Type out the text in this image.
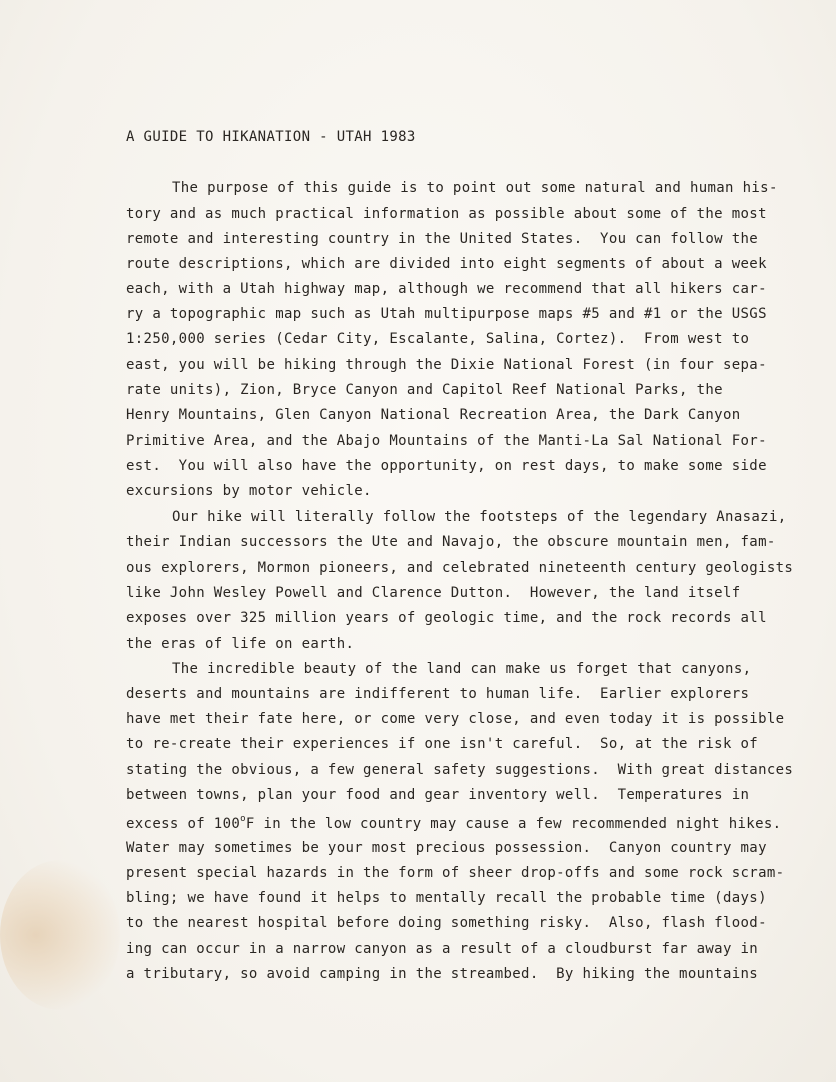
A GUIDE TO HIKANATION - UTAH 1983
The purpose of this guide is to point out some natural and human his-
tory and as much practical information as possible about some of the most
remote and interesting country in the United States.  You can follow the
route descriptions, which are divided into eight segments of about a week
each, with a Utah highway map, although we recommend that all hikers car-
ry a topographic map such as Utah multipurpose maps #5 and #1 or the USGS
1:250,000 series (Cedar City, Escalante, Salina, Cortez).  From west to
east, you will be hiking through the Dixie National Forest (in four sepa-
rate units), Zion, Bryce Canyon and Capitol Reef National Parks, the
Henry Mountains, Glen Canyon National Recreation Area, the Dark Canyon
Primitive Area, and the Abajo Mountains of the Manti-La Sal National For-
est.  You will also have the opportunity, on rest days, to make some side
excursions by motor vehicle.
Our hike will literally follow the footsteps of the legendary Anasazi,
their Indian successors the Ute and Navajo, the obscure mountain men, fam-
ous explorers, Mormon pioneers, and celebrated nineteenth century geologists
like John Wesley Powell and Clarence Dutton.  However, the land itself
exposes over 325 million years of geologic time, and the rock records all
the eras of life on earth.
The incredible beauty of the land can make us forget that canyons,
deserts and mountains are indifferent to human life.  Earlier explorers
have met their fate here, or come very close, and even today it is possible
to re-create their experiences if one isn't careful.  So, at the risk of
stating the obvious, a few general safety suggestions.  With great distances
between towns, plan your food and gear inventory well.  Temperatures in
excess of 100$^o$F in the low country may cause a few recommended night hikes.
Water may sometimes be your most precious possession.  Canyon country may
present special hazards in the form of sheer drop-offs and some rock scram-
bling; we have found it helps to mentally recall the probable time (days)
to the nearest hospital before doing something risky.  Also, flash flood-
ing can occur in a narrow canyon as a result of a cloudburst far away in
a tributary, so avoid camping in the streambed.  By hiking the mountains
